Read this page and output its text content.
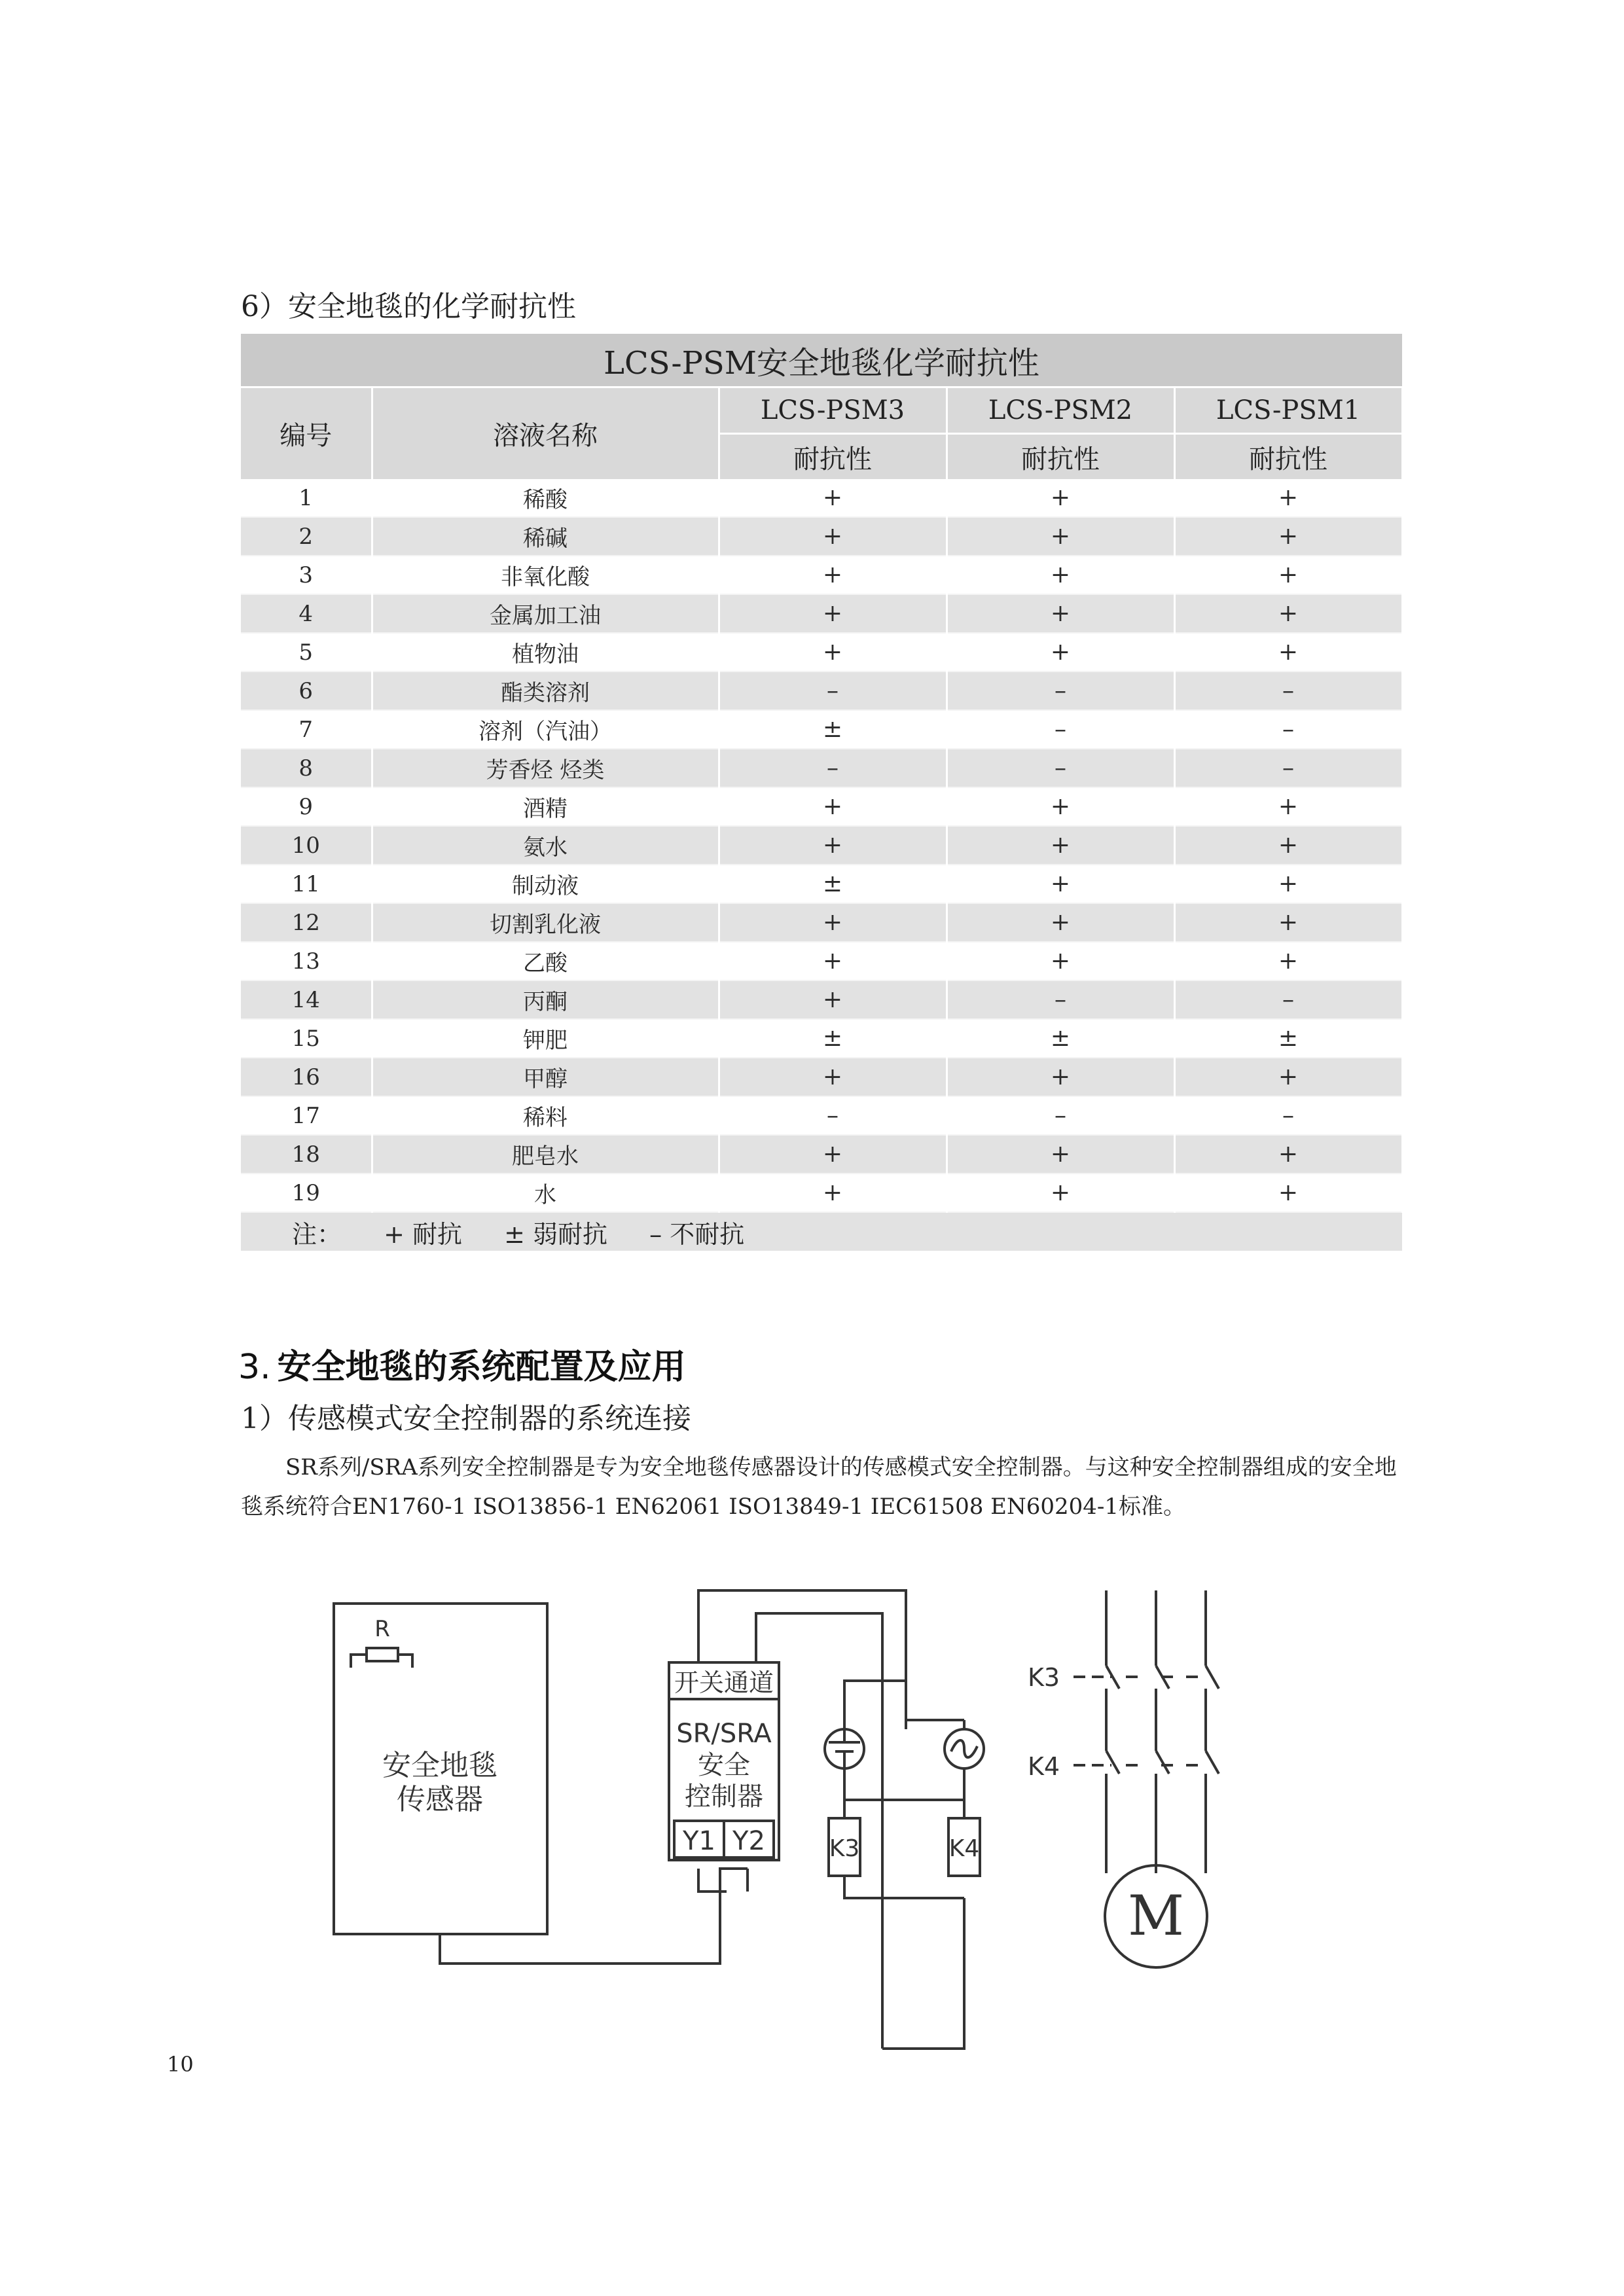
6）安全地毯的化学耐抗性
LCS-PSM安全地毯化学耐抗性				
编号	溶液名称	LCS-PSM3	LCS-PSM2	LCS-PSM1
		耐抗性	耐抗性	耐抗性
1	稀酸	+	+	+
2	稀碱	+	+	+
3	非氧化酸	+	+	+
4	金属加工油	+	+	+
5	植物油	+	+	+
6	酯类溶剂	–	–	–
7	溶剂（汽油）	±	–	–
8	芳香烃 烃类	–	–	–
9	酒精	+	+	+
10	氨水	+	+	+
11	制动液	±	+	+
12	切割乳化液	+	+	+
13	乙酸	+	+	+
14	丙酮	+	–	–
15	钾肥	±	±	±
16	甲醇	+	+	+
17	稀料	–	–	–
18	肥皂水	+	+	+
19	水	+	+	+
注： + 耐抗 ± 弱耐抗 – 不耐抗				
3. 安全地毯的系统配置及应用
1）传感模式安全控制器的系统连接
SR系列/SRA系列安全控制器是专为安全地毯传感器设计的传感模式安全控制器。与这种安全控制器组成的安全地毯系统符合EN1760-1 ISO13856-1 EN62061 ISO13849-1 IEC61508 EN60204-1标准。
R
安全地毯
传感器
开关通道
SR/SRA
安全
控制器
Y1 Y2	K3	K4
K3
K4
M
10
